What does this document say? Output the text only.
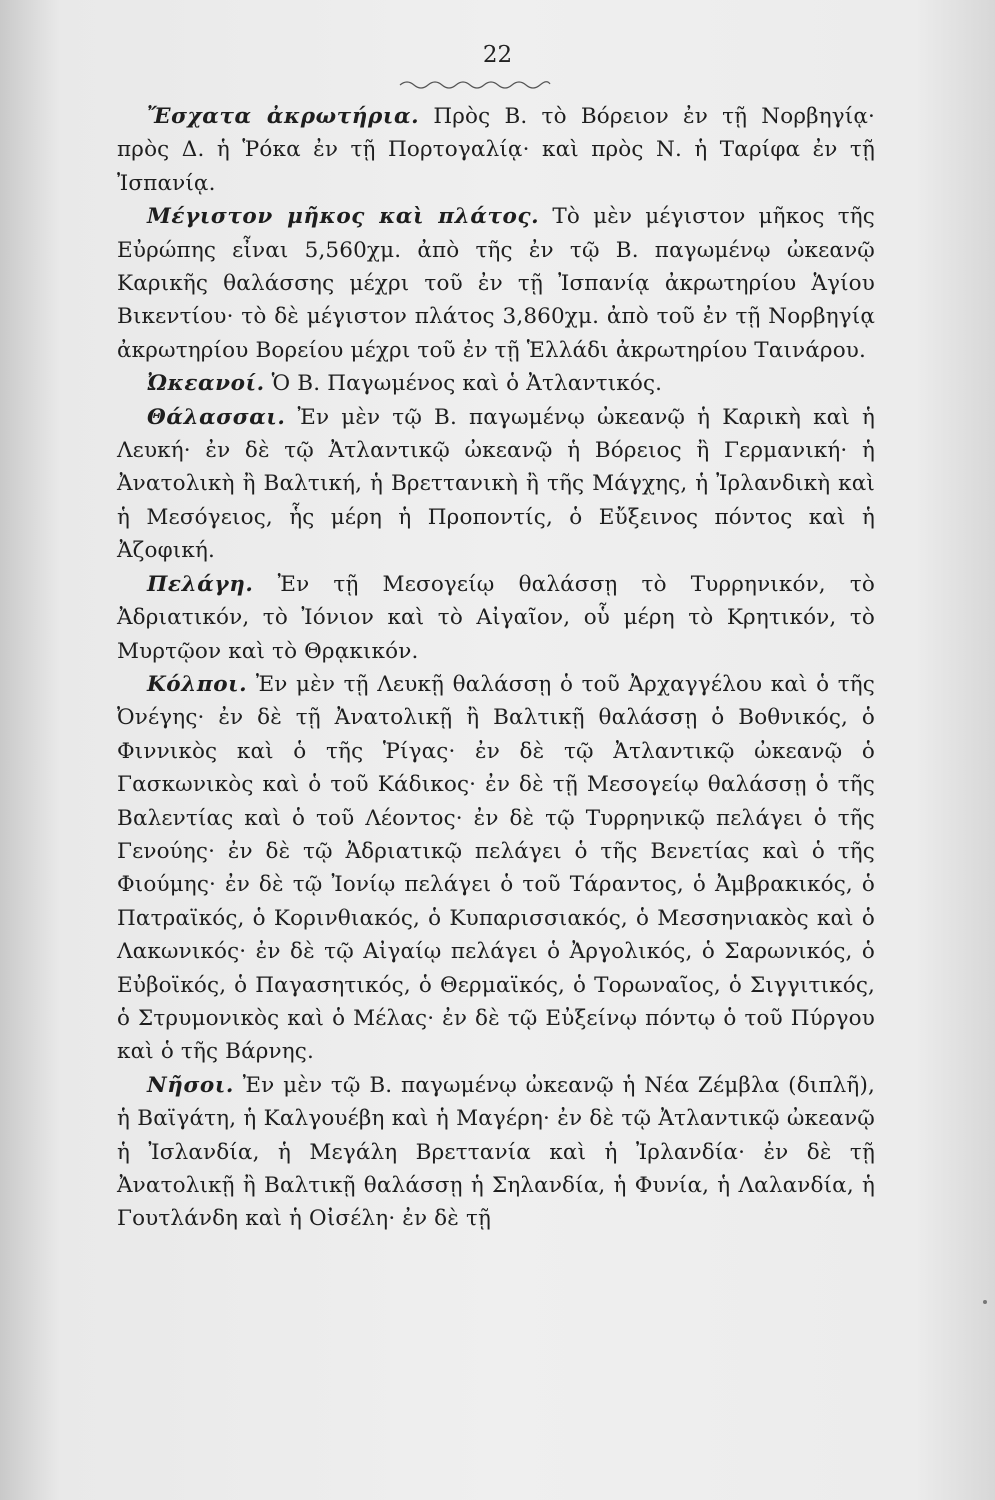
22

Ἔσχατα ἀκρωτήρια. Πρὸς Β. τὸ Βόρειον ἐν τῇ Νορβηγίᾳ· πρὸς Δ. ἡ Ῥόκα ἐν τῇ Πορτογαλίᾳ· καὶ πρὸς Ν. ἡ Ταρίφα ἐν τῇ Ἰσπανίᾳ.

Μέγιστον μῆκος καὶ πλάτος. Τὸ μὲν μέγιστον μῆκος τῆς Εὐρώπης εἶναι 5,560χμ. ἀπὸ τῆς ἐν τῷ Β. παγωμένῳ ὠκεανῷ Καρικῆς θαλάσσης μέχρι τοῦ ἐν τῇ Ἰσπανίᾳ ἀκρωτηρίου Ἁγίου Βικεντίου· τὸ δὲ μέγιστον πλάτος 3,860χμ. ἀπὸ τοῦ ἐν τῇ Νορβηγίᾳ ἀκρωτηρίου Βορείου μέχρι τοῦ ἐν τῇ Ἑλλάδι ἀκρωτηρίου Ταινάρου.

Ὠκεανοί. Ὁ Β. Παγωμένος καὶ ὁ Ἀτλαντικός.

Θάλασσαι. Ἐν μὲν τῷ Β. παγωμένῳ ὠκεανῷ ἡ Καρικὴ καὶ ἡ Λευκή· ἐν δὲ τῷ Ἀτλαντικῷ ὠκεανῷ ἡ Βόρειος ἢ Γερμανική· ἡ Ἀνατολικὴ ἢ Βαλτική, ἡ Βρεττανικὴ ἢ τῆς Μάγχης, ἡ Ἰρλανδικὴ καὶ ἡ Μεσόγειος, ἧς μέρη ἡ Προποντίς, ὁ Εὔξεινος πόντος καὶ ἡ Ἀζοφική.

Πελάγη. Ἐν τῇ Μεσογείῳ θαλάσσῃ τὸ Τυρρηνικόν, τὸ Ἀδριατικόν, τὸ Ἰόνιον καὶ τὸ Αἰγαῖον, οὗ μέρη τὸ Κρητικόν, τὸ Μυρτῷον καὶ τὸ Θρᾳκικόν.

Κόλποι. Ἐν μὲν τῇ Λευκῇ θαλάσσῃ ὁ τοῦ Ἀρχαγγέλου καὶ ὁ τῆς Ὀνέγης· ἐν δὲ τῇ Ἀνατολικῇ ἢ Βαλτικῇ θαλάσσῃ ὁ Βοθνικός, ὁ Φιννικὸς καὶ ὁ τῆς Ῥίγας· ἐν δὲ τῷ Ἀτλαντικῷ ὠκεανῷ ὁ Γασκωνικὸς καὶ ὁ τοῦ Κάδικος· ἐν δὲ τῇ Μεσογείῳ θαλάσσῃ ὁ τῆς Βαλεντίας καὶ ὁ τοῦ Λέοντος· ἐν δὲ τῷ Τυρρηνικῷ πελάγει ὁ τῆς Γενούης· ἐν δὲ τῷ Ἀδριατικῷ πελάγει ὁ τῆς Βενετίας καὶ ὁ τῆς Φιούμης· ἐν δὲ τῷ Ἰονίῳ πελάγει ὁ τοῦ Τάραντος, ὁ Ἀμβρακικός, ὁ Πατραϊκός, ὁ Κορινθιακός, ὁ Κυπαρισσιακός, ὁ Μεσσηνιακὸς καὶ ὁ Λακωνικός· ἐν δὲ τῷ Αἰγαίῳ πελάγει ὁ Ἀργολικός, ὁ Σαρωνικός, ὁ Εὐβοϊκός, ὁ Παγασητικός, ὁ Θερμαϊκός, ὁ Τορωναῖος, ὁ Σιγγιτικός, ὁ Στρυμονικὸς καὶ ὁ Μέλας· ἐν δὲ τῷ Εὐξείνῳ πόντῳ ὁ τοῦ Πύργου καὶ ὁ τῆς Βάρνης.

Νῆσοι. Ἐν μὲν τῷ Β. παγωμένῳ ὠκεανῷ ἡ Νέα Ζέμβλα (διπλῆ), ἡ Βαϊγάτη, ἡ Καλγουέβη καὶ ἡ Μαγέρη· ἐν δὲ τῷ Ἀτλαντικῷ ὠκεανῷ ἡ Ἰσλανδία, ἡ Μεγάλη Βρεττανία καὶ ἡ Ἰρλανδία· ἐν δὲ τῇ Ἀνατολικῇ ἢ Βαλτικῇ θαλάσσῃ ἡ Σηλανδία, ἡ Φυνία, ἡ Λαλανδία, ἡ Γουτλάνδη καὶ ἡ Οἰσέλη· ἐν δὲ τῇ
